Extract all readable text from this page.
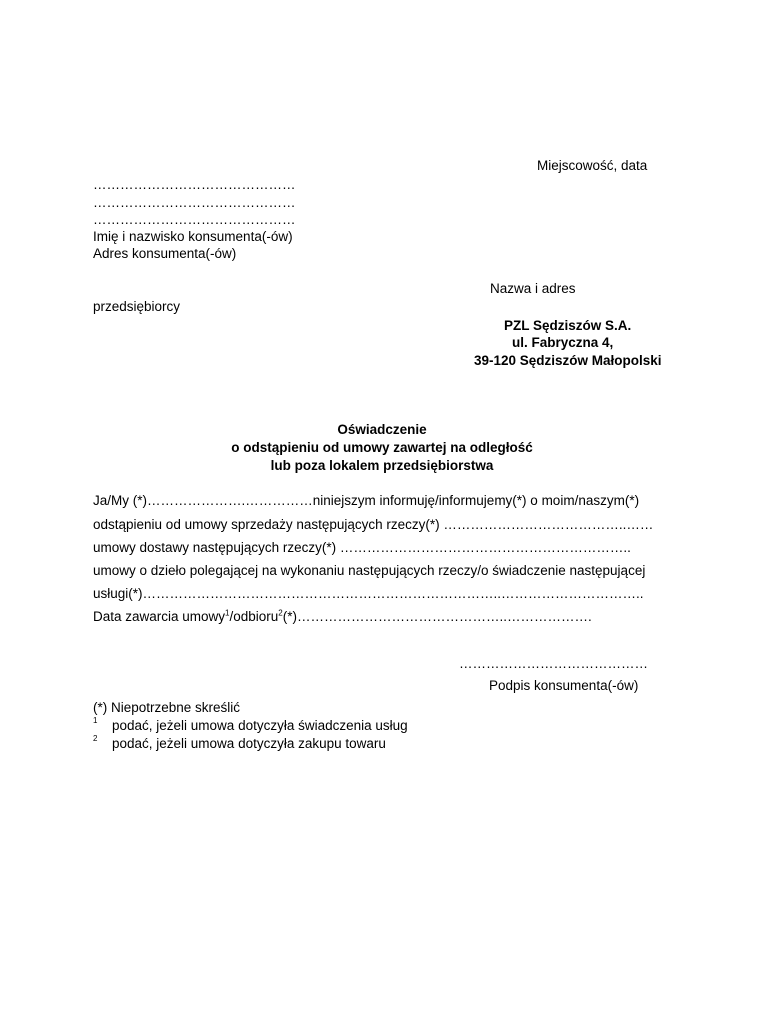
Miejscowość, data
………………………………………
………………………………………
………………………………………
Imię i nazwisko konsumenta(-ów)
Adres konsumenta(-ów)
Nazwa i adres
przedsiębiorcy
PZL Sędziszów S.A.
ul. Fabryczna 4,
39-120 Sędziszów Małopolski
Oświadczenie
o odstąpieniu od umowy zawartej na odległość
lub poza lokalem przedsiębiorstwa
Ja/My (*)………………….……………niniejszym informuję/informujemy(*) o moim/naszym(*)
odstąpieniu od umowy sprzedaży następujących rzeczy(*) …………………………………..……
umowy dostawy następujących rzeczy(*) ………………………………………………………..
umowy o dzieło polegającej na wykonaniu następujących rzeczy/o świadczenie następującej
usługi(*)……………………………………………………………………..…………………………..
Data zawarcia umowy$^1$/odbioru$^2$(*)………………………………………..……………….
……………………………………
Podpis konsumenta(-ów)
(*) Niepotrzebne skreślić
1 podać, jeżeli umowa dotyczyła świadczenia usług
2 podać, jeżeli umowa dotyczyła zakupu towaru
